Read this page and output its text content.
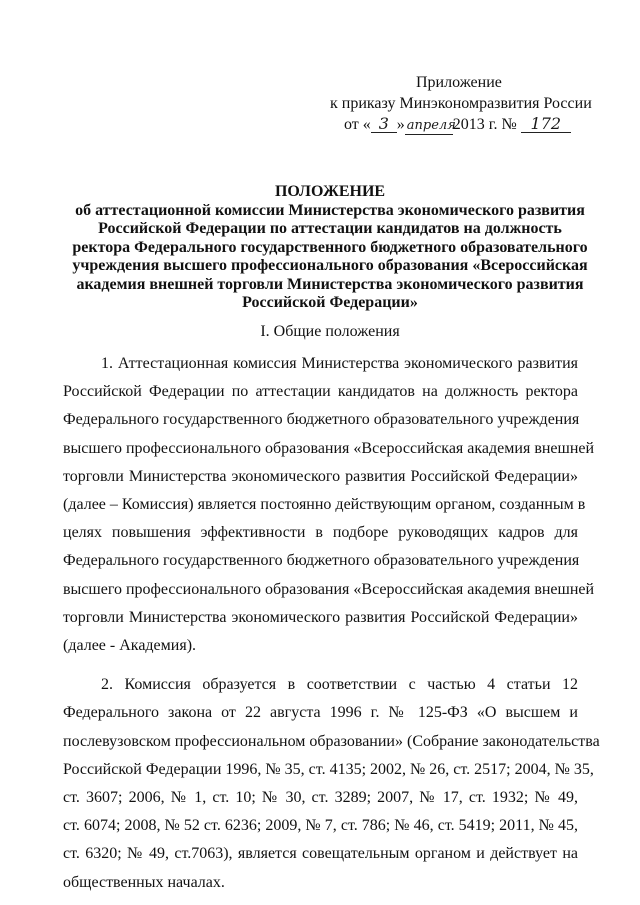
Приложение
к приказу Минэкономразвития России
от « 3 » апреля2013 г. № 172
ПОЛОЖЕНИЕ
об аттестационной комиссии Министерства экономического развития
Российской Федерации по аттестации кандидатов на должность
ректора Федерального государственного бюджетного образовательного
учреждения высшего профессионального образования «Всероссийская
академия внешней торговли Министерства экономического развития
Российской Федерации»
I. Общие положения

1. Аттестационная комиссия Министерства экономического развития
Российской Федерации по аттестации кандидатов на должность ректора
Федерального государственного бюджетного образовательного учреждения
высшего профессионального образования «Всероссийская академия внешней
торговли Министерства экономического развития Российской Федерации»
(далее – Комиссия) является постоянно действующим органом, созданным в
целях повышения эффективности в подборе руководящих кадров для
Федерального государственного бюджетного образовательного учреждения
высшего профессионального образования «Всероссийская академия внешней
торговли Министерства экономического развития Российской Федерации»
(далее - Академия).

2. Комиссия образуется в соответствии с частью 4 статьи 12
Федерального закона от 22 августа 1996 г. № 125-ФЗ «О высшем и
послевузовском профессиональном образовании» (Собрание законодательства
Российской Федерации 1996, № 35, ст. 4135; 2002, № 26, ст. 2517; 2004, № 35,
ст. 3607; 2006, № 1, ст. 10; № 30, ст. 3289; 2007, № 17, ст. 1932; № 49,
ст. 6074; 2008, № 52 ст. 6236; 2009, № 7, ст. 786; № 46, ст. 5419; 2011, № 45,
ст. 6320; № 49, ст.7063), является совещательным органом и действует на
общественных началах.
